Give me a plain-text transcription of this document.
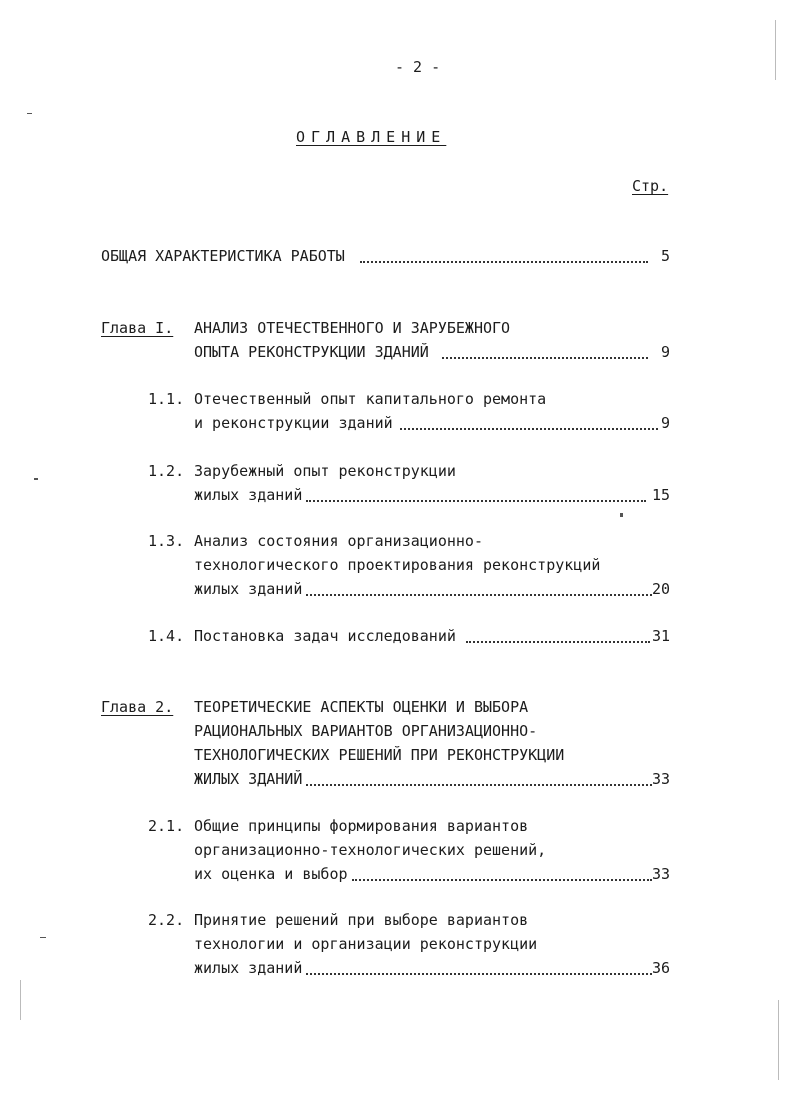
- 2 -
ОГЛАВЛЕНИЕ
Стр.
ОБЩАЯ ХАРАКТЕРИСТИКА РАБОТЫ	5
Глава I. АНАЛИЗ ОТЕЧЕСТВЕННОГО И ЗАРУБЕЖНОГО
ОПЫТА РЕКОНСТРУКЦИИ ЗДАНИЙ	9
1.1. Отечественный опыт капитального ремонта
и реконструкции зданий	9
1.2. Зарубежный опыт реконструкции
жилых зданий	15
1.3. Анализ состояния организационно-
технологического проектирования реконструкций
жилых зданий	20
1.4. Постановка задач исследований	31
Глава 2. ТЕОРЕТИЧЕСКИЕ АСПЕКТЫ ОЦЕНКИ И ВЫБОРА
РАЦИОНАЛЬНЫХ ВАРИАНТОВ ОРГАНИЗАЦИОННО-
ТЕХНОЛОГИЧЕСКИХ РЕШЕНИЙ ПРИ РЕКОНСТРУКЦИИ
ЖИЛЫХ ЗДАНИЙ	33
2.1. Общие принципы формирования вариантов
организационно-технологических решений,
их оценка и выбор	33
2.2. Принятие решений при выборе вариантов
технологии и организации реконструкции
жилых зданий	36
